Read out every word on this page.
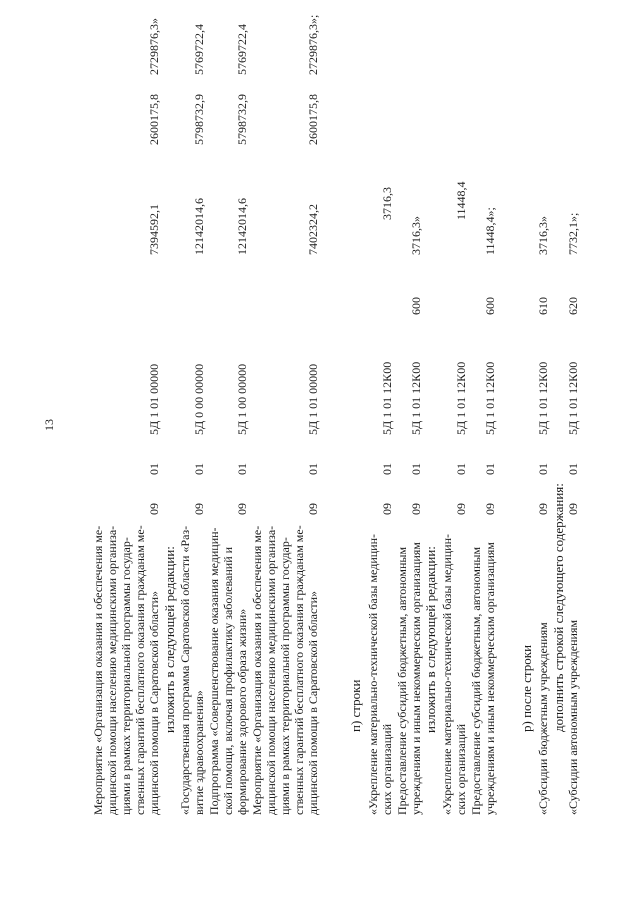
13
Мероприятие «Организация оказания и обеспечения ме- дицинской помощи населению медицинскими организа- циями в рамках территориальной программы государ- ственных гарантий бесплатного оказания гражданам ме- дицинской помощи в Саратовской области»
09
01
5Д 1 01 00000
7394592,1
2600175,8
2729876,3»
изложить в следующей редакции: «Государственная программа Саратовской области «Раз- витие здравоохранения»
09
01
5Д 0 00 00000
12142014,6
5798732,9
5769722,4
Подпрограмма «Совершенствование оказания медицин- ской помощи, включая профилактику заболеваний и формирование здорового образа жизни»
09
01
5Д 1 00 00000
12142014,6
5798732,9
5769722,4
Мероприятие «Организация оказания и обеспечения ме- дицинской помощи населению медицинскими организа- циями в рамках территориальной программы государ- ственных гарантий бесплатного оказания гражданам ме- дицинской помощи в Саратовской области»
09
01
5Д 1 01 00000
7402324,2
2600175,8
2729876,3»;
п) строки «Укрепление материально-технической базы медицин- ских организаций
09
01
5Д 1 01 12К00
3716,3
Предоставление субсидий бюджетным, автономным учреждениям и иным некоммерческим организациям
09
01
5Д 1 01 12К00
600
3716,3»
изложить в следующей редакции: «Укрепление материально-технической базы медицин- ских организаций
09
01
5Д 1 01 12К00
11448,4
Предоставление субсидий бюджетным, автономным учреждениям и иным некоммерческим организациям
09
01
5Д 1 01 12К00
600
11448,4»;
р) после строки «Субсидии бюджетным учреждениям
09
01
5Д 1 01 12К00
610
3716,3»
дополнить строкой следующего содержания: «Субсидии автономным учреждениям
09
01
5Д 1 01 12К00
620
7732,1»;
